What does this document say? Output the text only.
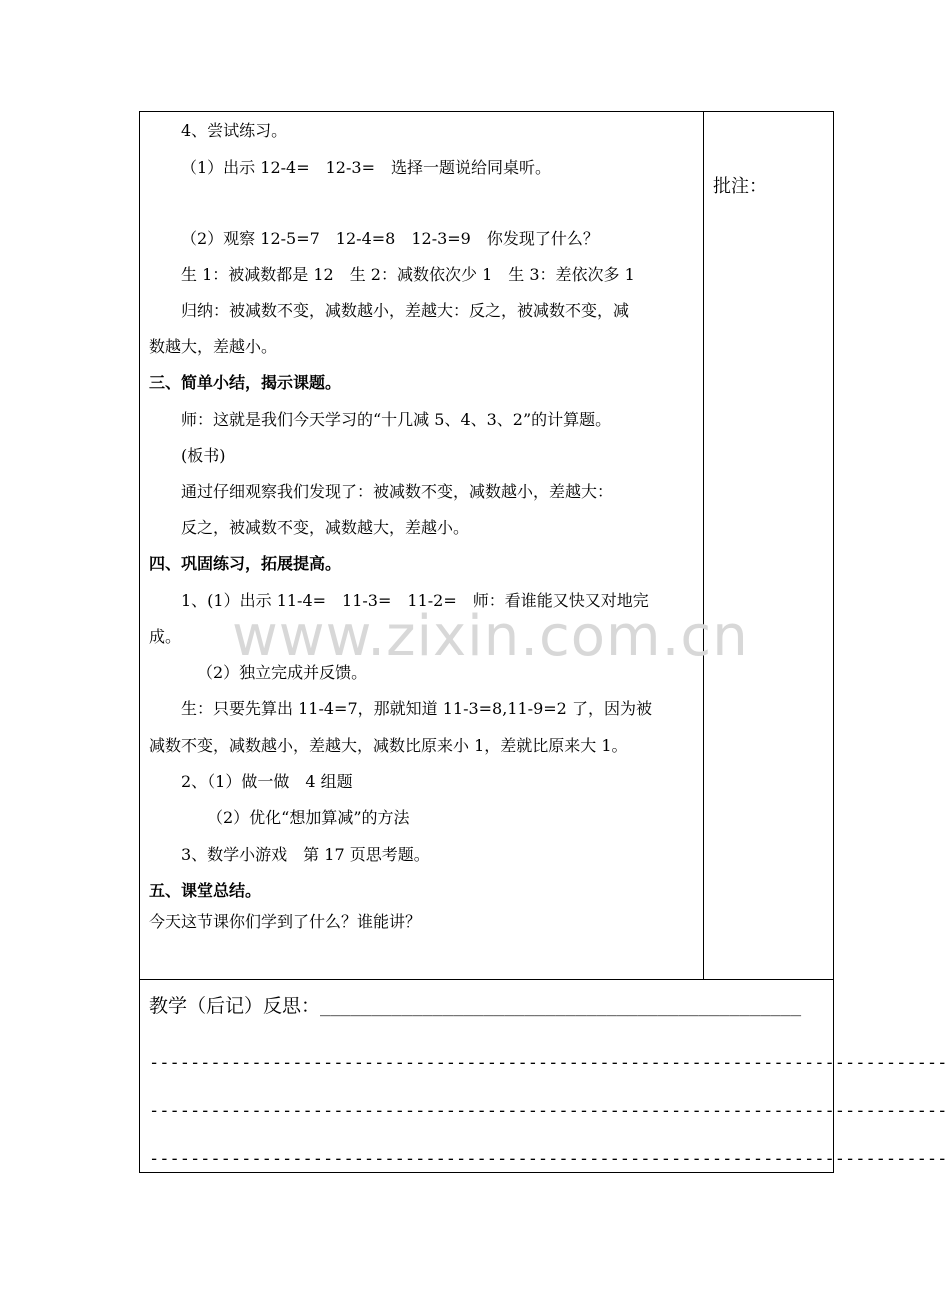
www.zixin.com.cn
4、尝试练习。
（1）出示 12-4=　12-3=　选择一题说给同桌听。
（2）观察 12-5=7　12-4=8　12-3=9　你发现了什么？
生 1：被减数都是 12　生 2：减数依次少 1　生 3：差依次多 1
归纳：被减数不变，减数越小，差越大：反之，被减数不变，减
数越大，差越小。
三、简单小结，揭示课题。
师：这就是我们今天学习的“十几减 5、4、3、2”的计算题。
(板书)
通过仔细观察我们发现了：被减数不变，减数越小，差越大：
反之，被减数不变，减数越大，差越小。
四、巩固练习，拓展提高。
1、(1）出示 11-4=　11-3=　11-2=　师：看谁能又快又对地完
成。
（2）独立完成并反馈。
生：只要先算出 11-4=7，那就知道 11-3=8,11-9=2 了，因为被
减数不变，减数越小，差越大，减数比原来小 1，差就比原来大 1。
2、（1）做一做　4 组题
（2）优化“想加算减”的方法
3、数学小游戏　第 17 页思考题。
五、课堂总结。
今天这节课你们学到了什么？谁能讲？
批注：
教学（后记）反思：_______________________________________________
------------------------------------------------------------------------------
------------------------------------------------------------------------------
------------------------------------------------------------------------------
